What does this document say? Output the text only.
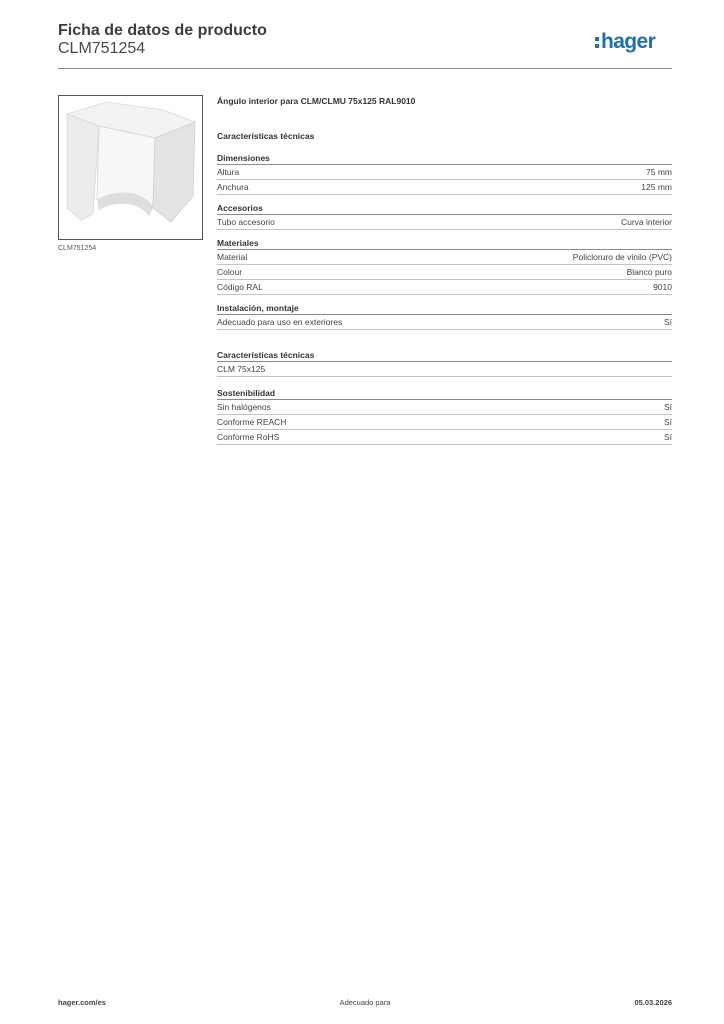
Ficha de datos de producto
CLM751254	hager
CLM751254
Ángulo interior para CLM/CLMU 75x125 RAL9010
Características técnicas
Dimensiones
Altura	75 mm
Anchura	125 mm
Accesorios
Tubo accesorio	Curva interior
Materiales
Material	Policloruro de vinilo (PVC)
Colour	Blanco puro
Código RAL	9010
Instalación, montaje
Adecuado para uso en exteriores	Sí
Características técnicas
CLM 75x125
Sostenibilidad
Sin halógenos	Sí
Conforme REACH	Sí
Conforme RoHS	Sí
hager.com/es	Adecuado para	05.03.2026
